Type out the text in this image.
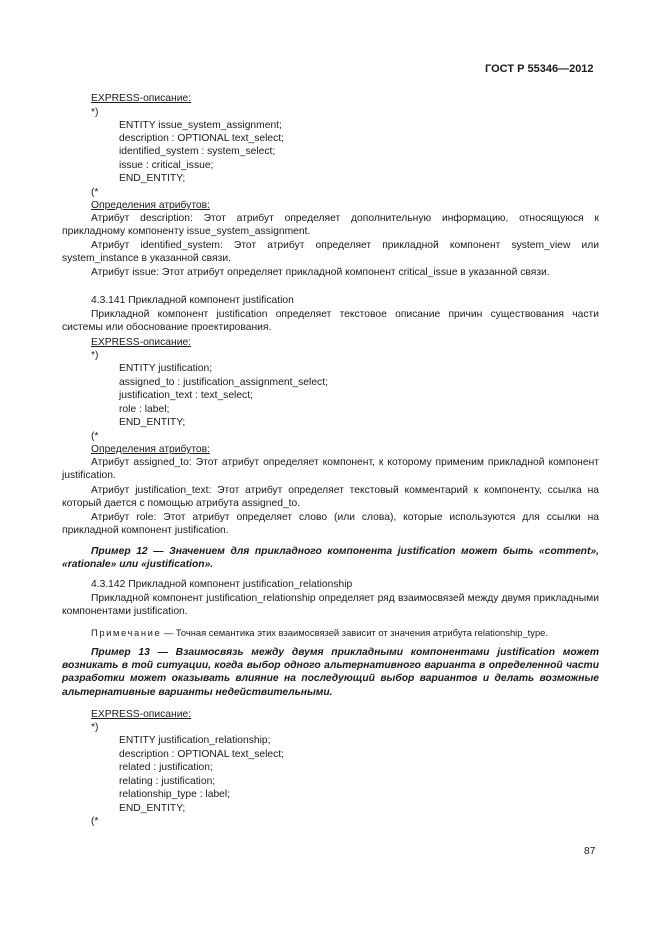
ГОСТ Р 55346—2012
EXPRESS-описание:
*)
ENTITY issue_system_assignment;
description : OPTIONAL text_select;
identified_system : system_select;
issue : critical_issue;
END_ENTITY;
(*
Определения атрибутов:
Атрибут description: Этот атрибут определяет дополнительную информацию, относящуюся к прикладному компоненту issue_system_assignment.
Атрибут identified_system: Этот атрибут определяет прикладной компонент system_view или system_instance в указанной связи.
Атрибут issue: Этот атрибут определяет прикладной компонент critical_issue в указанной связи.
4.3.141 Прикладной компонент justification
Прикладной компонент justification определяет текстовое описание причин существования части системы или обоснование проектирования.
EXPRESS-описание:
*)
ENTITY justification;
assigned_to : justification_assignment_select;
justification_text : text_select;
role : label;
END_ENTITY;
(*
Определения атрибутов:
Атрибут assigned_to: Этот атрибут определяет компонент, к которому применим прикладной компонент justification.
Атрибут justification_text: Этот атрибут определяет текстовый комментарий к компоненту, ссылка на который дается с помощью атрибута assigned_to.
Атрибут role: Этот атрибут определяет слово (или слова), которые используются для ссылки на прикладной компонент justification.
Пример 12 — Значением для прикладного компонента justification может быть «comment», «rationale» или «justification».
4.3.142 Прикладной компонент justification_relationship
Прикладной компонент justification_relationship определяет ряд взаимосвязей между двумя прикладными компонентами justification.
Примечание — Точная семантика этих взаимосвязей зависит от значения атрибута relationship_type.
Пример 13 — Взаимосвязь между двумя прикладными компонентами justification может возникать в той ситуации, когда выбор одного альтернативного варианта в определенной части разработки может оказывать влияние на последующий выбор вариантов и делать возможные альтернативные варианты недействительными.
EXPRESS-описание:
*)
ENTITY justification_relationship;
description : OPTIONAL text_select;
related : justification;
relating : justification;
relationship_type : label;
END_ENTITY;
(*
87
